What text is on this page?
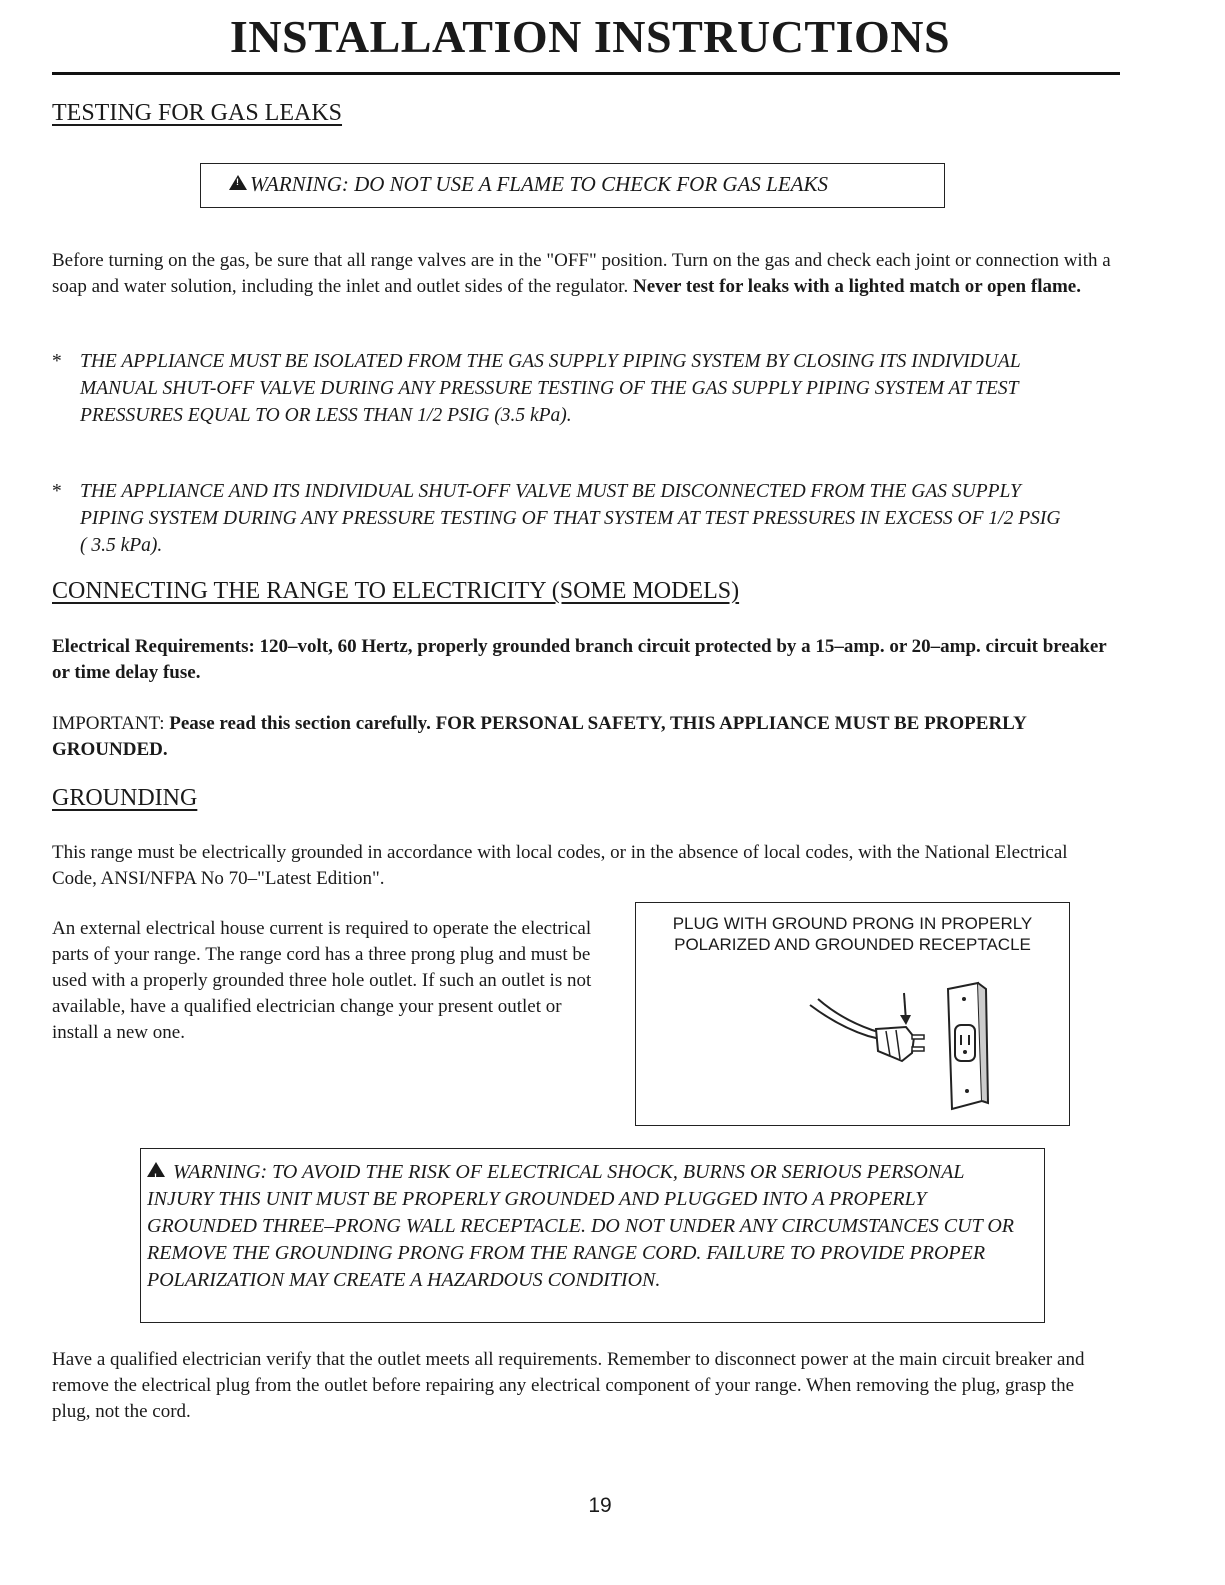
INSTALLATION INSTRUCTIONS
TESTING FOR GAS LEAKS
!WARNING: DO NOT USE A FLAME TO CHECK FOR GAS LEAKS
Before turning on the gas, be sure that all range valves are in the "OFF" position. Turn on the gas and check each joint or connection with a soap and water solution, including the inlet and outlet sides of the regulator. Never test for leaks with a lighted match or open flame.
* THE APPLIANCE MUST BE ISOLATED FROM THE GAS SUPPLY PIPING SYSTEM BY CLOSING ITS INDIVIDUAL MANUAL SHUT-OFF VALVE DURING ANY PRESSURE TESTING OF THE GAS SUPPLY PIPING SYSTEM AT TEST PRESSURES EQUAL TO OR LESS THAN 1/2 PSIG (3.5 kPa).
* THE APPLIANCE AND ITS INDIVIDUAL SHUT-OFF VALVE MUST BE DISCONNECTED FROM THE GAS SUPPLY PIPING SYSTEM DURING ANY PRESSURE TESTING OF THAT SYSTEM AT TEST PRESSURES IN EXCESS OF 1/2 PSIG ( 3.5 kPa).
CONNECTING THE RANGE TO ELECTRICITY (SOME MODELS)
Electrical Requirements: 120–volt, 60 Hertz, properly grounded branch circuit protected by a 15–amp. or 20–amp. circuit breaker or time delay fuse.
IMPORTANT: Pease read this section carefully. FOR PERSONAL SAFETY, THIS APPLIANCE MUST BE PROPERLY GROUNDED.
GROUNDING
This range must be electrically grounded in accordance with local codes, or in the absence of local codes, with the National Electrical Code, ANSI/NFPA No 70–"Latest Edition".
An external electrical house current is required to operate the electrical parts of your range. The range cord has a three prong plug and must be used with a properly grounded three hole outlet. If such an outlet is not available, have a qualified electrician change your present outlet or install a new one.
PLUG WITH GROUND PRONG IN PROPERLY POLARIZED AND GROUNDED RECEPTACLE
!WARNING: TO AVOID THE RISK OF ELECTRICAL SHOCK, BURNS OR SERIOUS PERSONAL INJURY THIS UNIT MUST BE PROPERLY GROUNDED AND PLUGGED INTO A PROPERLY GROUNDED THREE–PRONG WALL RECEPTACLE. DO NOT UNDER ANY CIRCUMSTANCES CUT OR REMOVE THE GROUNDING PRONG FROM THE RANGE CORD. FAILURE TO PROVIDE PROPER POLARIZATION MAY CREATE A HAZARDOUS CONDITION.
Have a qualified electrician verify that the outlet meets all requirements. Remember to disconnect power at the main circuit breaker and remove the electrical plug from the outlet before repairing any electrical component of your range. When removing the plug, grasp the plug, not the cord.
19
